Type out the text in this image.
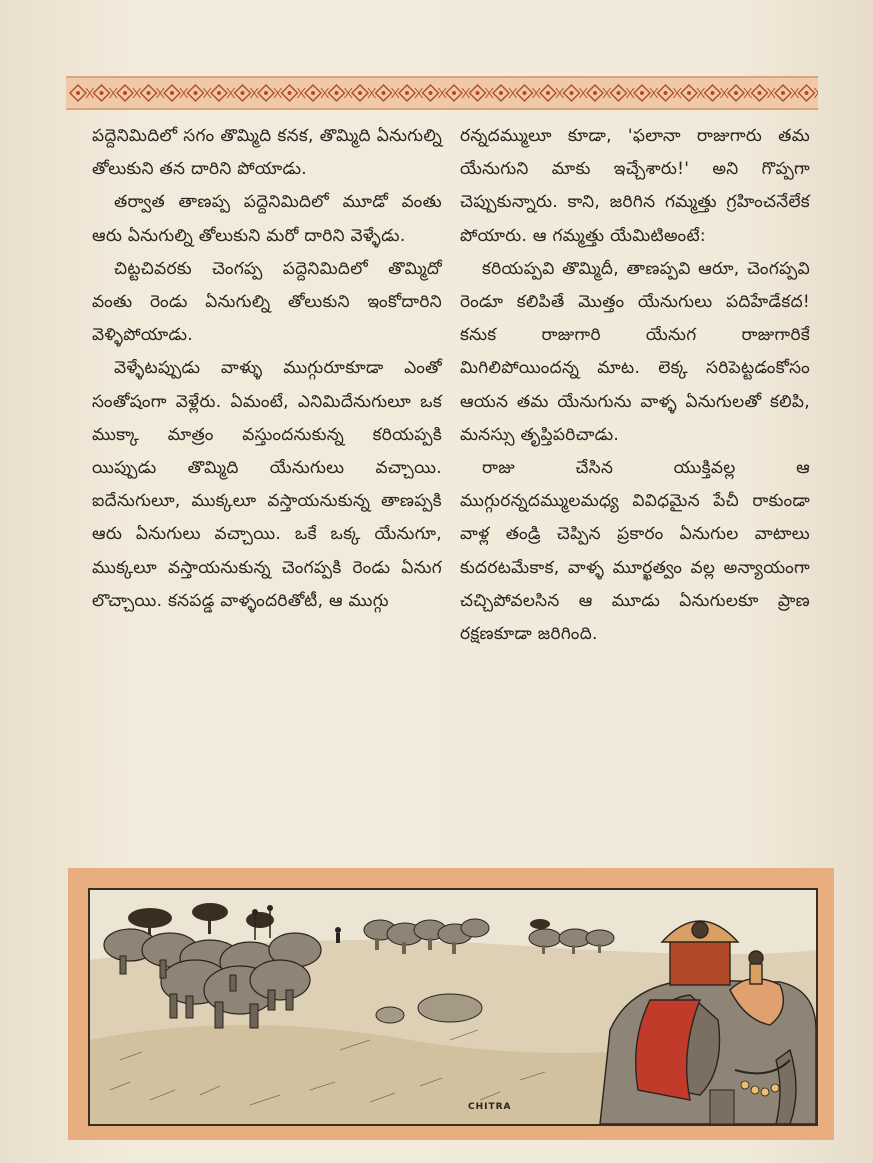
పద్దెనిమిదిలో సగం తొమ్మిది కనక, తొమ్మిది ఏనుగుల్ని తోలుకుని తన దారిని పోయాడు.

తర్వాత తాణప్ప పద్దెనిమిదిలో మూడో వంతు ఆరు ఏనుగుల్ని తోలుకుని మరో దారిని వెళ్ళేడు.

చిట్టచివరకు చెంగప్ప పద్దెనిమిదిలో తొమ్మిదో వంతు రెండు ఏనుగుల్ని తోలుకుని ఇంకోదారిని వెళ్ళిపోయాడు.

వెళ్ళేటప్పుడు వాళ్ళు ముగ్గురూకూడా ఎంతో సంతోషంగా వెళ్లేరు. ఏమంటే, ఎనిమిదేనుగులూ ఒక ముక్కా మాత్రం వస్తుందనుకున్న కరియప్పకి యిప్పుడు తొమ్మిది యేనుగులు వచ్చాయి. ఐదేనుగులూ, ముక్కలూ వస్తాయనుకున్న తాణప్పకి ఆరు ఏనుగులు వచ్చాయి. ఒకే ఒక్క యేనుగూ, ముక్కలూ వస్తాయనుకున్న చెంగప్పకి రెండు ఏనుగ లొచ్చాయి. కనపడ్డ వాళ్ళందరితోటీ, ఆ ముగ్గు

రన్నదమ్ములూ కూడా, 'ఫలానా రాజుగారు తమ యేనుగుని మాకు ఇచ్చేశారు!' అని గొప్పగా చెప్పుకున్నారు. కాని, జరిగిన గమ్మత్తు గ్రహించనేలేక పోయారు. ఆ గమ్మత్తు యేమిటిఅంటే:

కరియప్పవి తొమ్మిదీ, తాణప్పవి ఆరూ, చెంగప్పవి రెండూ కలిపితే మొత్తం యేనుగులు పదిహేడేకద! కనుక రాజుగారి యేనుగ రాజుగారికే మిగిలిపోయిందన్న మాట. లెక్క సరిపెట్టడంకోసం ఆయన తమ యేనుగును వాళ్ళ ఏనుగులతో కలిపి, మనస్సు తృప్తిపరిచాడు.

రాజు చేసిన యుక్తివల్ల ఆ ముగ్గురన్నదమ్ములమధ్య వివిధమైన పేచీ రాకుండా వాళ్ల తండ్రి చెప్పిన ప్రకారం ఏనుగుల వాటాలు కుదరటమేకాక, వాళ్ళ మూర్ఖత్వం వల్ల అన్యాయంగా చచ్చిపోవలసిన ఆ మూడు ఏనుగులకూ ప్రాణ రక్షణకూడా జరిగింది.

CHITRA
